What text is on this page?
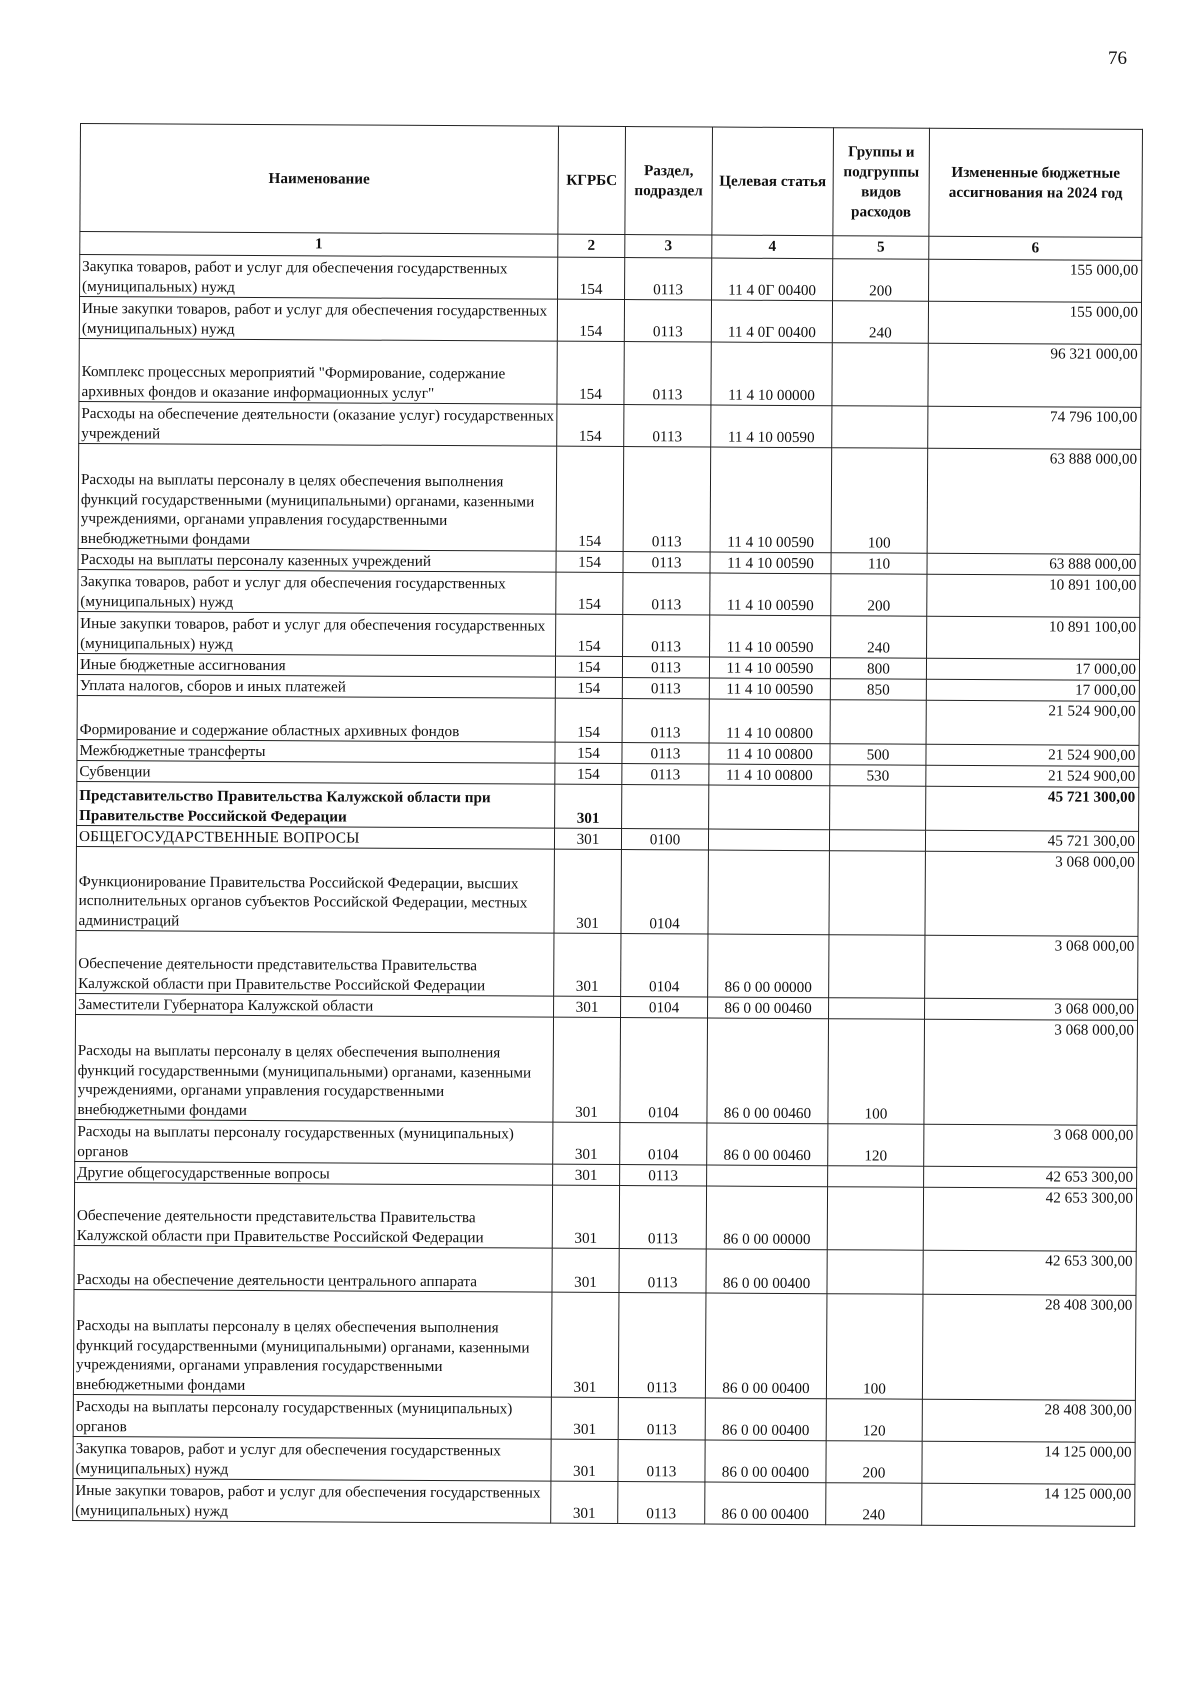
76
Наименование	КГРБС	Раздел, подраздел	Целевая статья	Группы и подгруппы видов расходов	Измененные бюджетные ассигнования на 2024 год
1	2	3	4	5	6
Закупка товаров, работ и услуг для обеспечения государственных (муниципальных) нужд	154	0113	11 4 0Г 00400	200	155 000,00
Иные закупки товаров, работ и услуг для обеспечения государственных (муниципальных) нужд	154	0113	11 4 0Г 00400	240	155 000,00
Комплекс процессных мероприятий "Формирование, содержание архивных фондов и оказание информационных услуг"	154	0113	11 4 10 00000		96 321 000,00
Расходы на обеспечение деятельности (оказание услуг) государственных учреждений	154	0113	11 4 10 00590		74 796 100,00
Расходы на выплаты персоналу в целях обеспечения выполнения функций государственными (муниципальными) органами, казенными учреждениями, органами управления государственными внебюджетными фондами	154	0113	11 4 10 00590	100	63 888 000,00
Расходы на выплаты персоналу казенных учреждений	154	0113	11 4 10 00590	110	63 888 000,00
Закупка товаров, работ и услуг для обеспечения государственных (муниципальных) нужд	154	0113	11 4 10 00590	200	10 891 100,00
Иные закупки товаров, работ и услуг для обеспечения государственных (муниципальных) нужд	154	0113	11 4 10 00590	240	10 891 100,00
Иные бюджетные ассигнования	154	0113	11 4 10 00590	800	17 000,00
Уплата налогов, сборов и иных платежей	154	0113	11 4 10 00590	850	17 000,00
Формирование и содержание областных архивных фондов	154	0113	11 4 10 00800		21 524 900,00
Межбюджетные трансферты	154	0113	11 4 10 00800	500	21 524 900,00
Субвенции	154	0113	11 4 10 00800	530	21 524 900,00
Представительство Правительства Калужской области при Правительстве Российской Федерации	301				45 721 300,00
ОБЩЕГОСУДАРСТВЕННЫЕ ВОПРОСЫ	301	0100			45 721 300,00
Функционирование Правительства Российской Федерации, высших исполнительных органов субъектов Российской Федерации, местных администраций	301	0104			3 068 000,00
Обеспечение деятельности представительства Правительства Калужской области при Правительстве Российской Федерации	301	0104	86 0 00 00000		3 068 000,00
Заместители Губернатора Калужской области	301	0104	86 0 00 00460		3 068 000,00
Расходы на выплаты персоналу в целях обеспечения выполнения функций государственными (муниципальными) органами, казенными учреждениями, органами управления государственными внебюджетными фондами	301	0104	86 0 00 00460	100	3 068 000,00
Расходы на выплаты персоналу государственных (муниципальных) органов	301	0104	86 0 00 00460	120	3 068 000,00
Другие общегосударственные вопросы	301	0113			42 653 300,00
Обеспечение деятельности представительства Правительства Калужской области при Правительстве Российской Федерации	301	0113	86 0 00 00000		42 653 300,00
Расходы на обеспечение деятельности центрального аппарата	301	0113	86 0 00 00400		42 653 300,00
Расходы на выплаты персоналу в целях обеспечения выполнения функций государственными (муниципальными) органами, казенными учреждениями, органами управления государственными внебюджетными фондами	301	0113	86 0 00 00400	100	28 408 300,00
Расходы на выплаты персоналу государственных (муниципальных) органов	301	0113	86 0 00 00400	120	28 408 300,00
Закупка товаров, работ и услуг для обеспечения государственных (муниципальных) нужд	301	0113	86 0 00 00400	200	14 125 000,00
Иные закупки товаров, работ и услуг для обеспечения государственных (муниципальных) нужд	301	0113	86 0 00 00400	240	14 125 000,00
